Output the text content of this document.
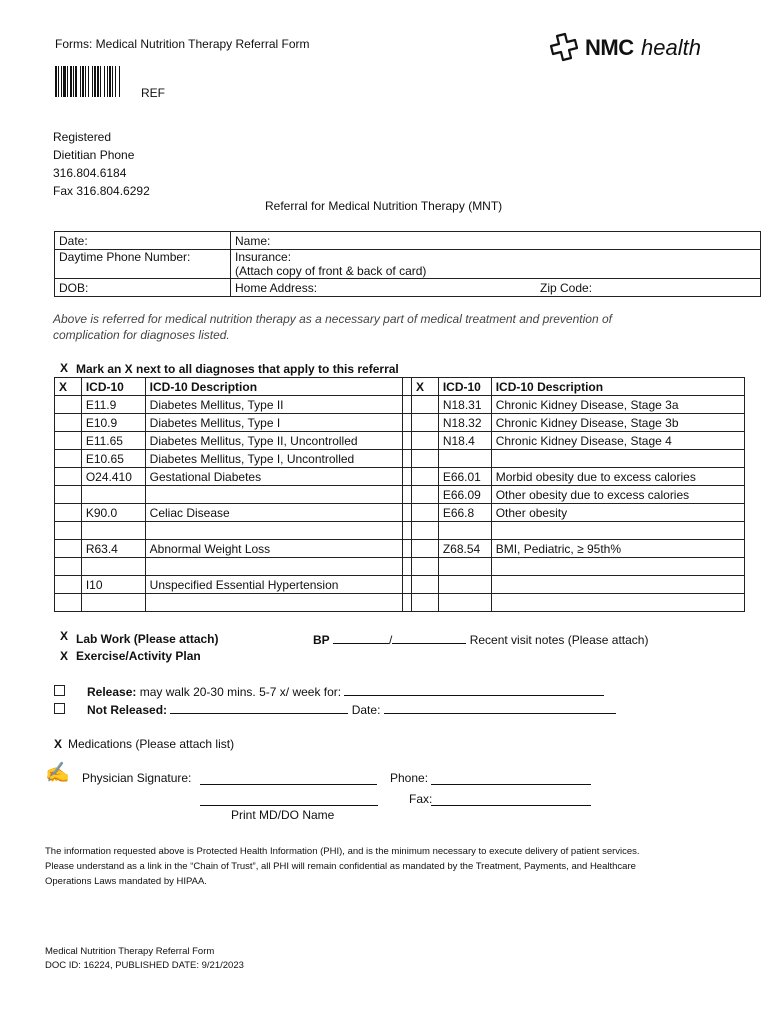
Forms: Medical Nutrition Therapy Referral Form	NMC health
REF
Registered
Dietitian Phone
316.804.6184
Fax 316.804.6292
Referral for Medical Nutrition Therapy (MNT)
Date:	Name:
Daytime Phone Number:	Insurance:
(Attach copy of front & back of card)

DOB:	Home Address: Zip Code:
Above is referred for medical nutrition therapy as a necessary part of medical treatment and prevention of
complication for diagnoses listed.
X Mark an X next to all diagnoses that apply to this referral
X	ICD-10	ICD-10 Description		X	ICD-10	ICD-10 Description
	E11.9	Diabetes Mellitus, Type II			N18.31	Chronic Kidney Disease, Stage 3a
	E10.9	Diabetes Mellitus, Type I			N18.32	Chronic Kidney Disease, Stage 3b
	E11.65	Diabetes Mellitus, Type II, Uncontrolled			N18.4	Chronic Kidney Disease, Stage 4
	E10.65	Diabetes Mellitus, Type I, Uncontrolled				
	O24.410	Gestational Diabetes			E66.01	Morbid obesity due to excess calories
					E66.09	Other obesity due to excess calories
	K90.0	Celiac Disease			E66.8	Other obesity

	R63.4	Abnormal Weight Loss			Z68.54	BMI, Pediatric, ≥ 95th%

	I10	Unspecified Essential Hypertension				

X Lab Work (Please attach)	BP	/	Recent visit notes (Please attach)
X Exercise/Activity Plan
Release: may walk 20-30 mins. 5-7 x/ week for:
Not Released:	Date:
X Medications (Please attach list)
✍ Physician Signature:	Phone:
Fax:
Print MD/DO Name
The information requested above is Protected Health Information (PHI), and is the minimum necessary to execute delivery of patient services.
Please understand as a link in the “Chain of Trust”, all PHI will remain confidential as mandated by the Treatment, Payments, and Healthcare
Operations Laws mandated by HIPAA.
Medical Nutrition Therapy Referral Form
DOC ID: 16224, PUBLISHED DATE: 9/21/2023
